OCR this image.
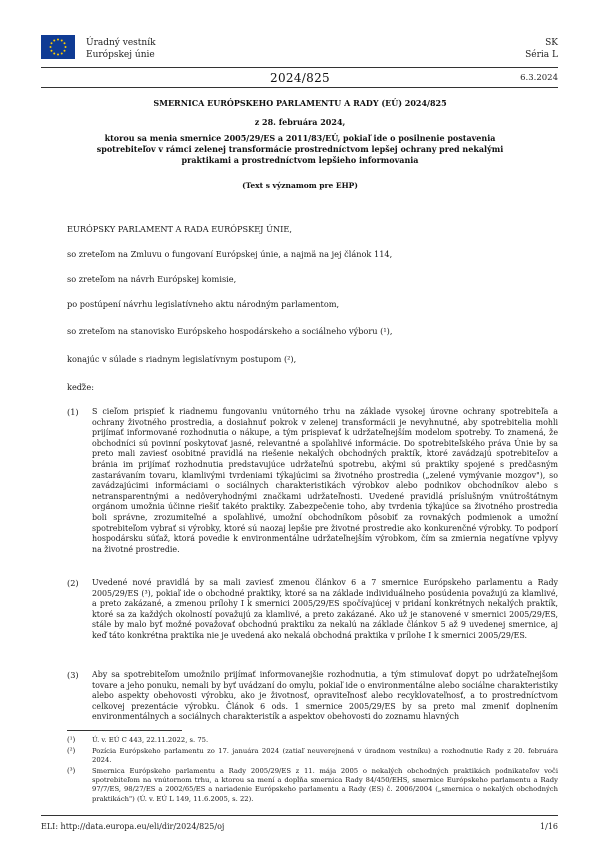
Úradný vestník
Európskej únie
SK
Séria L
2024/825	6.3.2024
SMERNICA EURÓPSKEHO PARLAMENTU A RADY (EÚ) 2024/825
z 28. februára 2024,
ktorou sa menia smernice 2005/29/ES a 2011/83/EÚ, pokiaľ ide o posilnenie postavenia
spotrebiteľov v rámci zelenej transformácie prostredníctvom lepšej ochrany pred nekalými
praktikami a prostredníctvom lepšieho informovania
(Text s významom pre EHP)
EURÓPSKY PARLAMENT A RADA EURÓPSKEJ ÚNIE,
so zreteľom na Zmluvu o fungovaní Európskej únie, a najmä na jej článok 114,
so zreteľom na návrh Európskej komisie,
po postúpení návrhu legislatívneho aktu národným parlamentom,
so zreteľom na stanovisko Európskeho hospodárskeho a sociálneho výboru (¹),
konajúc v súlade s riadnym legislatívnym postupom (²),
keďže:
(1) S cieľom prispieť k riadnemu fungovaniu vnútorného trhu na základe vysokej úrovne ochrany spotrebiteľa a ochrany životného prostredia, a dosiahnuť pokrok v zelenej transformácii je nevyhnutné, aby spotrebitelia mohli prijímať informované rozhodnutia o nákupe, a tým prispievať k udržateľnejším modelom spotreby. To znamená, že obchodníci sú povinní poskytovať jasné, relevantné a spoľahlivé informácie. Do spotrebiteľského práva Únie by sa preto mali zaviesť osobitné pravidlá na riešenie nekalých obchodných praktík, ktoré zavádzajú spotrebiteľov a bránia im prijímať rozhodnutia predstavujúce udržateľnú spotrebu, akými sú praktiky spojené s predčasným zastarávaním tovaru, klamlivými tvrdeniami týkajúcimi sa životného prostredia („zelené vymývanie mozgov"), so zavádzajúcimi informáciami o sociálnych charakteristikách výrobkov alebo podnikov obchodníkov alebo s netransparentnými a nedôveryhodnými značkami udržateľnosti. Uvedené pravidlá príslušným vnútroštátnym orgánom umožnia účinne riešiť takéto praktiky. Zabezpečenie toho, aby tvrdenia týkajúce sa životného prostredia boli správne, zrozumiteľné a spoľahlivé, umožní obchodníkom pôsobiť za rovnakých podmienok a umožní spotrebiteľom vybrať si výrobky, ktoré sú naozaj lepšie pre životné prostredie ako konkurenčné výrobky. To podporí hospodársku súťaž, ktorá povedie k environmentálne udržateľnejším výrobkom, čím sa zmiernia negatívne vplyvy na životné prostredie.
(2) Uvedené nové pravidlá by sa mali zaviesť zmenou článkov 6 a 7 smernice Európskeho parlamentu a Rady 2005/29/ES (³), pokiaľ ide o obchodné praktiky, ktoré sa na základe individuálneho posúdenia považujú za klamlivé, a preto zakázané, a zmenou prílohy I k smernici 2005/29/ES spočívajúcej v pridaní konkrétnych nekalých praktík, ktoré sa za každých okolností považujú za klamlivé, a preto zakázané. Ako už je stanovené v smernici 2005/29/ES, stále by malo byť možné považovať obchodnú praktiku za nekalú na základe článkov 5 až 9 uvedenej smernice, aj keď táto konkrétna praktika nie je uvedená ako nekalá obchodná praktika v prílohe I k smernici 2005/29/ES.
(3) Aby sa spotrebiteľom umožnilo prijímať informovanejšie rozhodnutia, a tým stimulovať dopyt po udržateľnejšom tovare a jeho ponuku, nemali by byť uvádzaní do omylu, pokiaľ ide o environmentálne alebo sociálne charakteristiky alebo aspekty obehovosti výrobku, ako je životnosť, opraviteľnosť alebo recyklovateľnosť, a to prostredníctvom celkovej prezentácie výrobku. Článok 6 ods. 1 smernice 2005/29/ES by sa preto mal zmeniť doplnením environmentálnych a sociálnych charakteristík a aspektov obehovosti do zoznamu hlavných
(¹) Ú. v. EÚ C 443, 22.11.2022, s. 75.
(²) Pozícia Európskeho parlamentu zo 17. januára 2024 (zatiaľ neuverejnená v úradnom vestníku) a rozhodnutie Rady z 20. februára 2024.
(³) Smernica Európskeho parlamentu a Rady 2005/29/ES z 11. mája 2005 o nekalých obchodných praktikách podnikateľov voči spotrebiteľom na vnútornom trhu, a ktorou sa mení a dopĺňa smernica Rady 84/450/EHS, smernice Európskeho parlamentu a Rady 97/7/ES, 98/27/ES a 2002/65/ES a nariadenie Európskeho parlamentu a Rady (ES) č. 2006/2004 („smernica o nekalých obchodných praktikách") (Ú. v. EÚ L 149, 11.6.2005, s. 22).
ELI: http://data.europa.eu/eli/dir/2024/825/oj	1/16
